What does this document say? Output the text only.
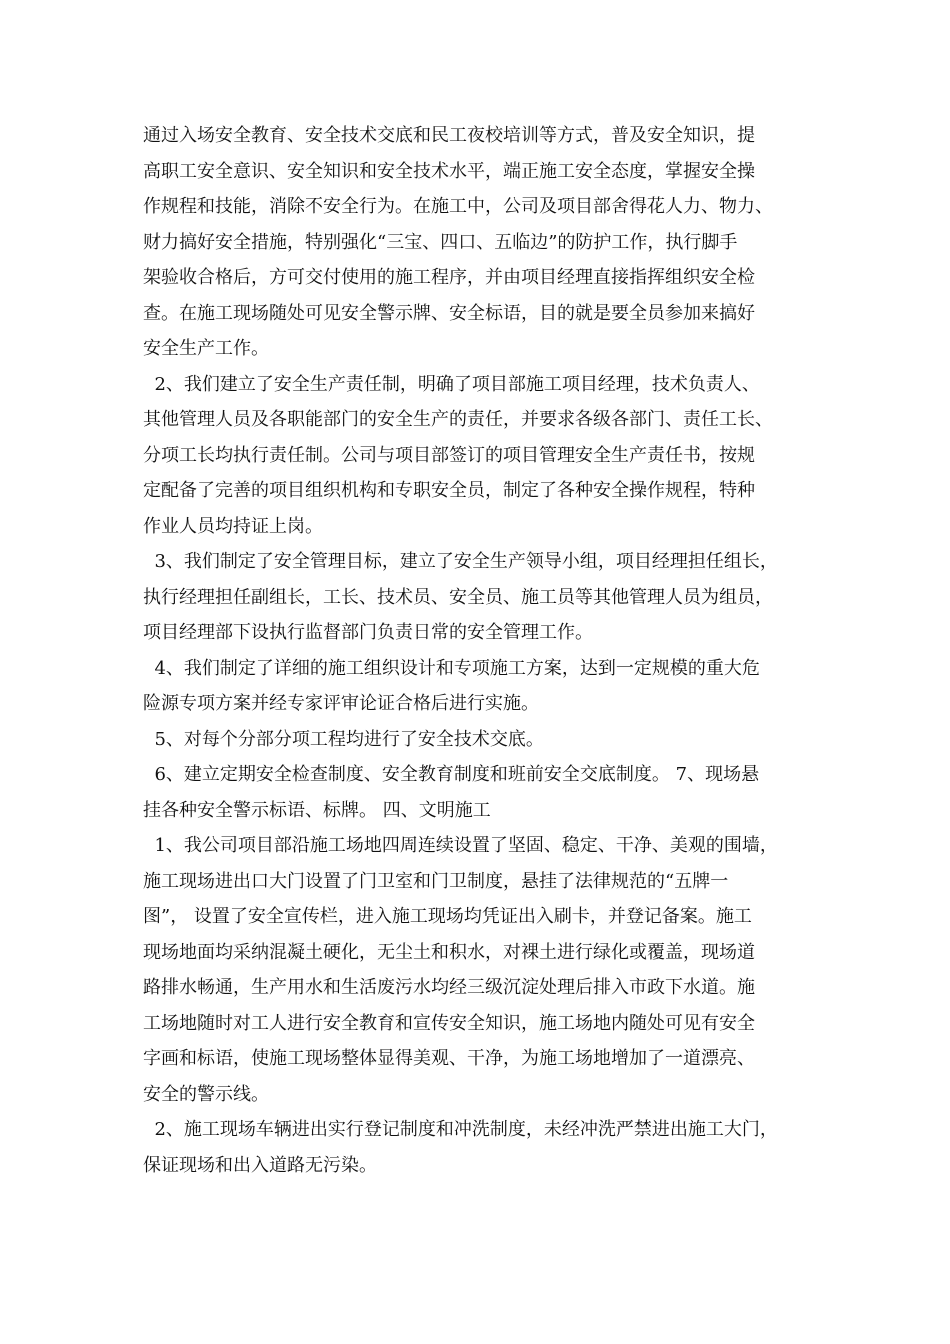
通过入场安全教育、安全技术交底和民工夜校培训等方式，普及安全知识，提
高职工安全意识、安全知识和安全技术水平，端正施工安全态度，掌握安全操
作规程和技能，消除不安全行为。在施工中，公司及项目部舍得花人力、物力、
财力搞好安全措施，特别强化“三宝、四口、五临边”的防护工作，执行脚手
架验收合格后，方可交付使用的施工程序，并由项目经理直接指挥组织安全检
查。在施工现场随处可见安全警示牌、安全标语，目的就是要全员参加来搞好
安全生产工作。
2、我们建立了安全生产责任制，明确了项目部施工项目经理，技术负责人、
其他管理人员及各职能部门的安全生产的责任，并要求各级各部门、责任工长、
分项工长均执行责任制。公司与项目部签订的项目管理安全生产责任书，按规
定配备了完善的项目组织机构和专职安全员，制定了各种安全操作规程，特种
作业人员均持证上岗。
3、我们制定了安全管理目标，建立了安全生产领导小组，项目经理担任组长，
执行经理担任副组长，工长、技术员、安全员、施工员等其他管理人员为组员，
项目经理部下设执行监督部门负责日常的安全管理工作。
4、我们制定了详细的施工组织设计和专项施工方案，达到一定规模的重大危
险源专项方案并经专家评审论证合格后进行实施。
5、对每个分部分项工程均进行了安全技术交底。
6、建立定期安全检查制度、安全教育制度和班前安全交底制度。 7、现场悬
挂各种安全警示标语、标牌。 四、文明施工
1、我公司项目部沿施工场地四周连续设置了坚固、稳定、干净、美观的围墙，
施工现场进出口大门设置了门卫室和门卫制度，悬挂了法律规范的“五牌一
图”， 设置了安全宣传栏，进入施工现场均凭证出入刷卡，并登记备案。施工
现场地面均采纳混凝土硬化，无尘土和积水，对裸土进行绿化或覆盖，现场道
路排水畅通，生产用水和生活废污水均经三级沉淀处理后排入市政下水道。施
工场地随时对工人进行安全教育和宣传安全知识，施工场地内随处可见有安全
字画和标语，使施工现场整体显得美观、干净，为施工场地增加了一道漂亮、
安全的警示线。
2、施工现场车辆进出实行登记制度和冲洗制度，未经冲洗严禁进出施工大门，
保证现场和出入道路无污染。
